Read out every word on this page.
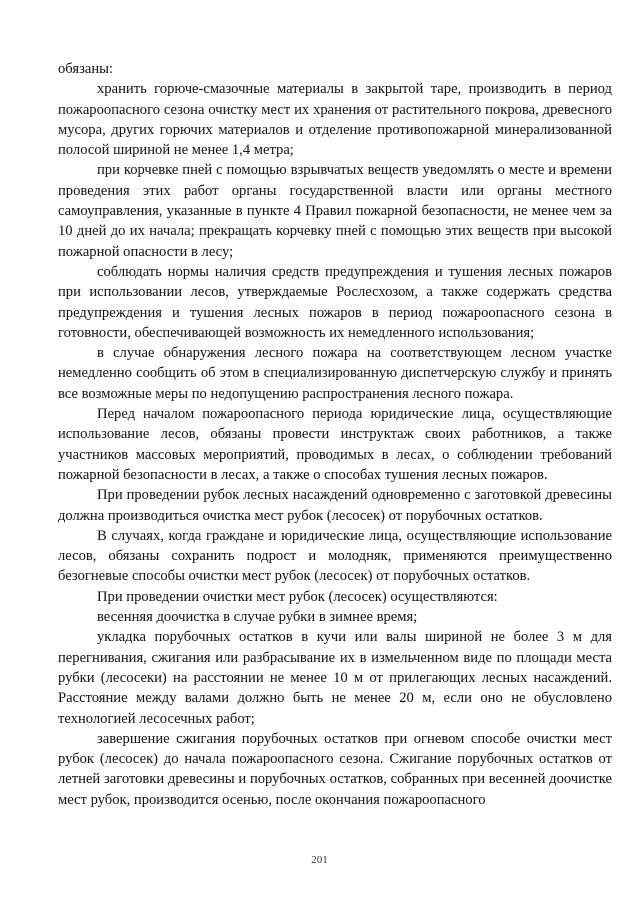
обязаны:

хранить горюче-смазочные материалы в закрытой таре, производить в период пожароопасного сезона очистку мест их хранения от растительного покрова, древесного мусора, других горючих материалов и отделение противопожарной минерализованной полосой шириной не менее 1,4 метра;

при корчевке пней с помощью взрывчатых веществ уведомлять о месте и времени проведения этих работ органы государственной власти или органы местного самоуправления, указанные в пункте 4 Правил пожарной безопасности, не менее чем за 10 дней до их начала; прекращать корчевку пней с помощью этих веществ при высокой пожарной опасности в лесу;

соблюдать нормы наличия средств предупреждения и тушения лесных пожаров при использовании лесов, утверждаемые Рослесхозом, а также содержать средства предупреждения и тушения лесных пожаров в период пожароопасного сезона в готовности, обеспечивающей возможность их немедленного использования;

в случае обнаружения лесного пожара на соответствующем лесном участке немедленно сообщить об этом в специализированную диспетчерскую службу и принять все возможные меры по недопущению распространения лесного пожара.

Перед началом пожароопасного периода юридические лица, осуществляющие использование лесов, обязаны провести инструктаж своих работников, а также участников массовых мероприятий, проводимых в лесах, о соблюдении требований пожарной безопасности в лесах, а также о способах тушения лесных пожаров.

При проведении рубок лесных насаждений одновременно с заготовкой древесины должна производиться очистка мест рубок (лесосек) от порубочных остатков.

В случаях, когда граждане и юридические лица, осуществляющие использование лесов, обязаны сохранить подрост и молодняк, применяются преимущественно безогневые способы очистки мест рубок (лесосек) от порубочных остатков.

При проведении очистки мест рубок (лесосек) осуществляются:

весенняя доочистка в случае рубки в зимнее время;

укладка порубочных остатков в кучи или валы шириной не более 3 м для перегнивания, сжигания или разбрасывание их в измельченном виде по площади места рубки (лесосеки) на расстоянии не менее 10 м от прилегающих лесных насаждений. Расстояние между валами должно быть не менее 20 м, если оно не обусловлено технологией лесосечных работ;

завершение сжигания порубочных остатков при огневом способе очистки мест рубок (лесосек) до начала пожароопасного сезона. Сжигание порубочных остатков от летней заготовки древесины и порубочных остатков, собранных при весенней доочистке мест рубок, производится осенью, после окончания пожароопасного

201
